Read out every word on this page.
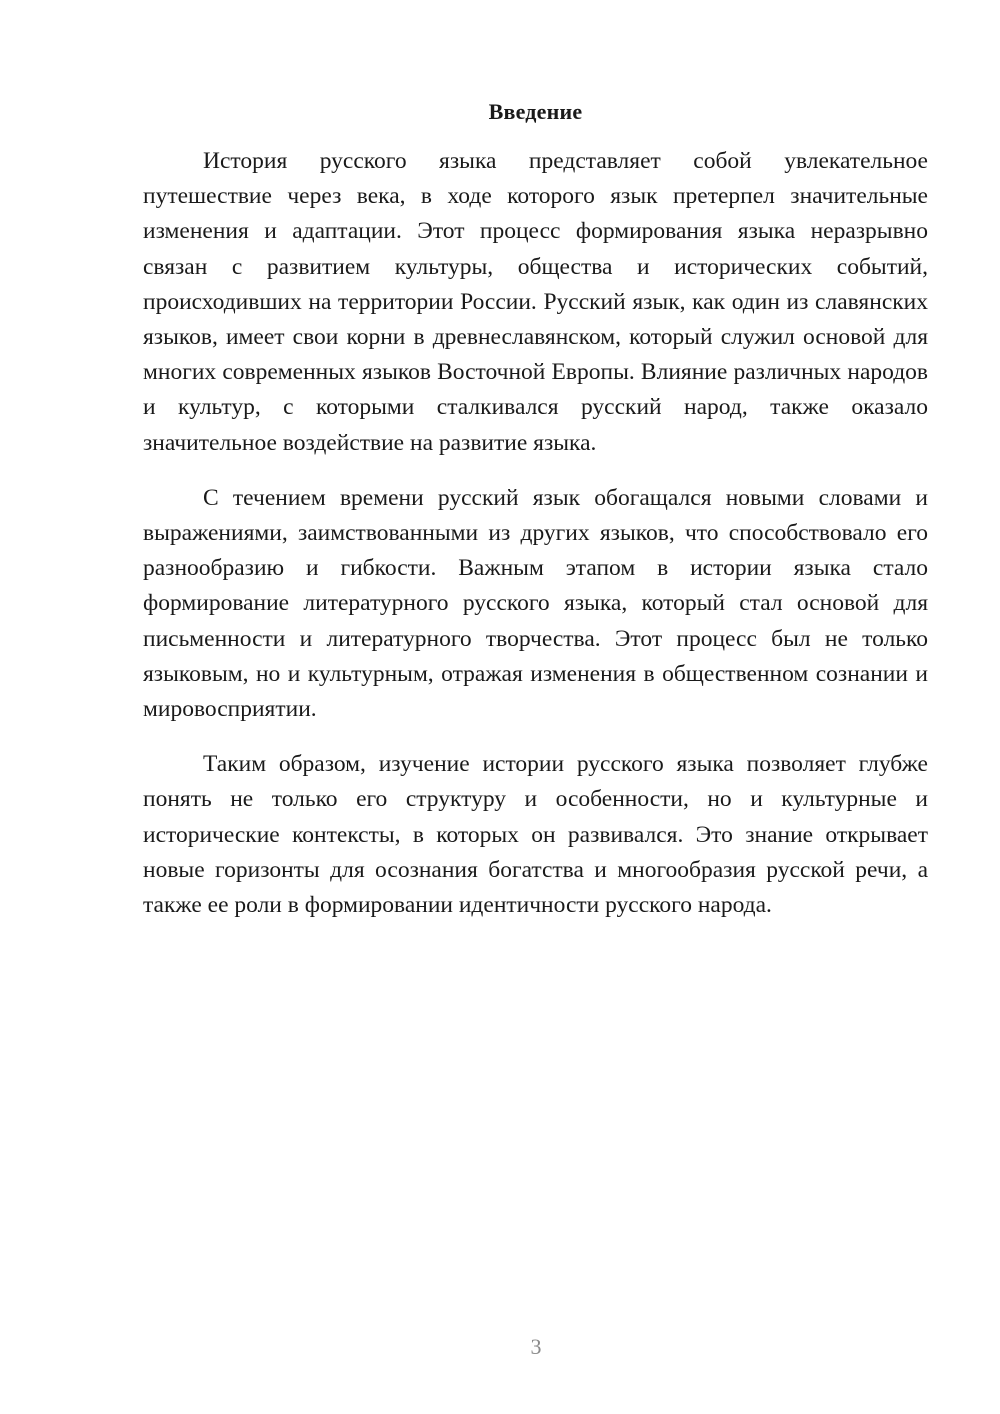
Введение

История русского языка представляет собой увлекательное путешествие через века, в ходе которого язык претерпел значительные изменения и адаптации. Этот процесс формирования языка неразрывно связан с развитием культуры, общества и исторических событий, происходивших на территории России. Русский язык, как один из славянских языков, имеет свои корни в древнеславянском, который служил основой для многих современных языков Восточной Европы. Влияние различных народов и культур, с которыми сталкивался русский народ, также оказало значительное воздействие на развитие языка.

С течением времени русский язык обогащался новыми словами и выражениями, заимствованными из других языков, что способствовало его разнообразию и гибкости. Важным этапом в истории языка стало формирование литературного русского языка, который стал основой для письменности и литературного творчества. Этот процесс был не только языковым, но и культурным, отражая изменения в общественном сознании и мировосприятии.

Таким образом, изучение истории русского языка позволяет глубже понять не только его структуру и особенности, но и культурные и исторические контексты, в которых он развивался. Это знание открывает новые горизонты для осознания богатства и многообразия русской речи, а также ее роли в формировании идентичности русского народа.

3
